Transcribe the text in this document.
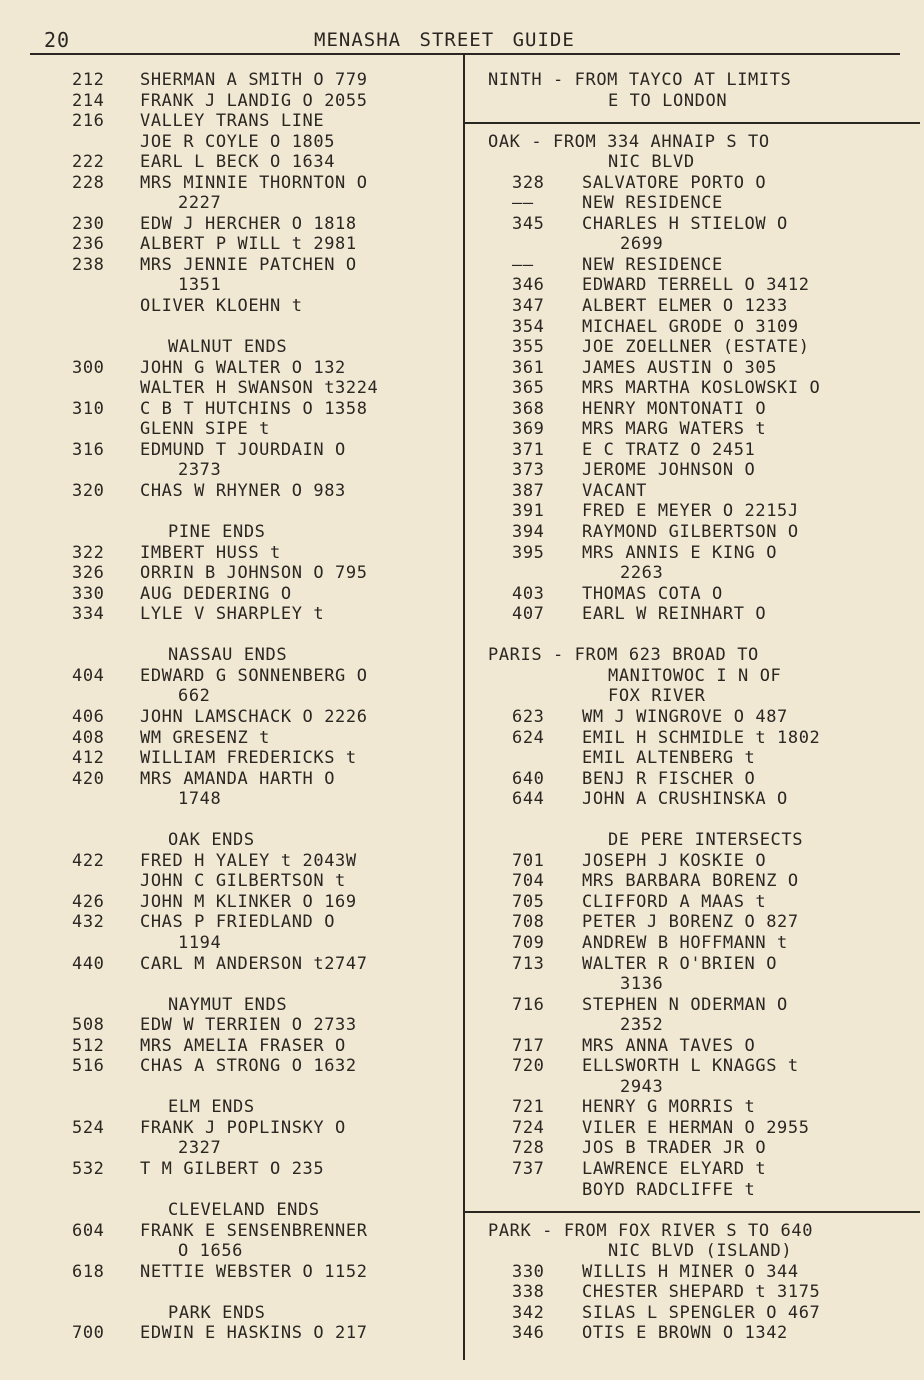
20	MENASHA STREET GUIDE
212	SHERMAN A SMITH O 779
214	FRANK J LANDIG O 2055
216	VALLEY TRANS LINE
JOE R COYLE O 1805
222	EARL L BECK O 1634
228	MRS MINNIE THORNTON O
2227
230	EDW J HERCHER O 1818
236	ALBERT P WILL t 2981
238	MRS JENNIE PATCHEN O
1351
OLIVER KLOEHN t
WALNUT ENDS
300	JOHN G WALTER O 132
WALTER H SWANSON t3224
310	C B T HUTCHINS O 1358
GLENN SIPE t
316	EDMUND T JOURDAIN O
2373
320	CHAS W RHYNER O 983
PINE ENDS
322	IMBERT HUSS t
326	ORRIN B JOHNSON O 795
330	AUG DEDERING O
334	LYLE V SHARPLEY t
NASSAU ENDS
404	EDWARD G SONNENBERG O
662
406	JOHN LAMSCHACK O 2226
408	WM GRESENZ t
412	WILLIAM FREDERICKS t
420	MRS AMANDA HARTH O
1748
OAK ENDS
422	FRED H YALEY t 2043W
JOHN C GILBERTSON t
426	JOHN M KLINKER O 169
432	CHAS P FRIEDLAND O
1194
440	CARL M ANDERSON t2747
NAYMUT ENDS
508	EDW W TERRIEN O 2733
512	MRS AMELIA FRASER O
516	CHAS A STRONG O 1632
ELM ENDS
524	FRANK J POPLINSKY O
2327
532	T M GILBERT O 235
CLEVELAND ENDS
604	FRANK E SENSENBRENNER
O 1656
618	NETTIE WEBSTER O 1152
PARK ENDS
700	EDWIN E HASKINS O 217
NINTH - FROM TAYCO AT LIMITS
E TO LONDON
OAK - FROM 334 AHNAIP S TO
NIC BLVD
328	SALVATORE PORTO O
——	NEW RESIDENCE
345	CHARLES H STIELOW O
2699
——	NEW RESIDENCE
346	EDWARD TERRELL O 3412
347	ALBERT ELMER O 1233
354	MICHAEL GRODE O 3109
355	JOE ZOELLNER (ESTATE)
361	JAMES AUSTIN O 305
365	MRS MARTHA KOSLOWSKI O
368	HENRY MONTONATI O
369	MRS MARG WATERS t
371	E C TRATZ O 2451
373	JEROME JOHNSON O
387	VACANT
391	FRED E MEYER O 2215J
394	RAYMOND GILBERTSON O
395	MRS ANNIS E KING O
2263
403	THOMAS COTA O
407	EARL W REINHART O
PARIS - FROM 623 BROAD TO
MANITOWOC I N OF
FOX RIVER
623	WM J WINGROVE O 487
624	EMIL H SCHMIDLE t 1802
EMIL ALTENBERG t
640	BENJ R FISCHER O
644	JOHN A CRUSHINSKA O
DE PERE INTERSECTS
701	JOSEPH J KOSKIE O
704	MRS BARBARA BORENZ O
705	CLIFFORD A MAAS t
708	PETER J BORENZ O 827
709	ANDREW B HOFFMANN t
713	WALTER R O'BRIEN O
3136
716	STEPHEN N ODERMAN O
2352
717	MRS ANNA TAVES O
720	ELLSWORTH L KNAGGS t
2943
721	HENRY G MORRIS t
724	VILER E HERMAN O 2955
728	JOS B TRADER JR O
737	LAWRENCE ELYARD t
BOYD RADCLIFFE t
PARK - FROM FOX RIVER S TO 640
NIC BLVD (ISLAND)
330	WILLIS H MINER O 344
338	CHESTER SHEPARD t 3175
342	SILAS L SPENGLER O 467
346	OTIS E BROWN O 1342
